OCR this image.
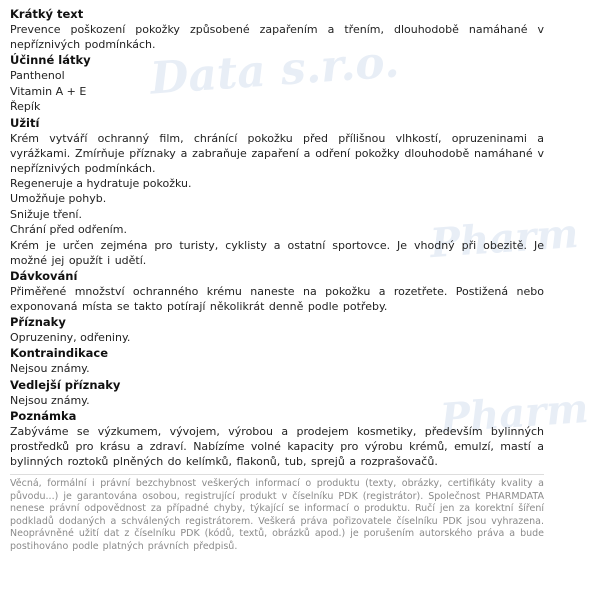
Data s.r.o.
Pharm
Pharm
Krátký text

Prevence poškození pokožky způsobené zapařením a třením, dlouhodobě namáhané v nepříznivých podmínkách.

Účinné látky
Panthenol
Vitamin A + E
Řepík
Užití

Krém vytváří ochranný film, chránící pokožku před přílišnou vlhkostí, opruzeninami a vyrážkami. Zmírňuje příznaky a zabraňuje zapaření a odření pokožky dlouhodobě namáhané v nepříznivých podmínkách.

Regeneruje a hydratuje pokožku.
Umožňuje pohyb.
Snižuje tření.
Chrání před odřením.

Krém je určen zejména pro turisty, cyklisty a ostatní sportovce. Je vhodný při obezitě. Je možné jej opužít i udětí.

Dávkování

Přiměřené množství ochranného krému naneste na pokožku a rozetřete. Postižená nebo exponovaná místa se takto potírají několikrát denně podle potřeby.

Příznaky
Opruzeniny, odřeniny.
Kontraindikace
Nejsou známy.
Vedlejší příznaky
Nejsou známy.
Poznámka

Zabýváme se výzkumem, vývojem, výrobou a prodejem kosmetiky, především bylinných prostředků pro krásu a zdraví. Nabízíme volné kapacity pro výrobu krémů, emulzí, mastí a bylinných roztoků plněných do kelímků, flakonů, tub, sprejů a rozprašovačů.

Věcná, formální i právní bezchybnost veškerých informací o produktu (texty, obrázky, certifikáty kvality a původu...) je garantována osobou, registrující produkt v číselníku PDK (registrátor). Společnost PHARMDATA nenese právní odpovědnost za případné chyby, týkající se informací o produktu. Ručí jen za korektní šíření podkladů dodaných a schválených registrátorem. Veškerá práva pořizovatele číselníku PDK jsou vyhrazena. Neoprávněné užití dat z číselníku PDK (kódů, textů, obrázků apod.) je porušením autorského práva a bude postihováno podle platných právních předpisů.
